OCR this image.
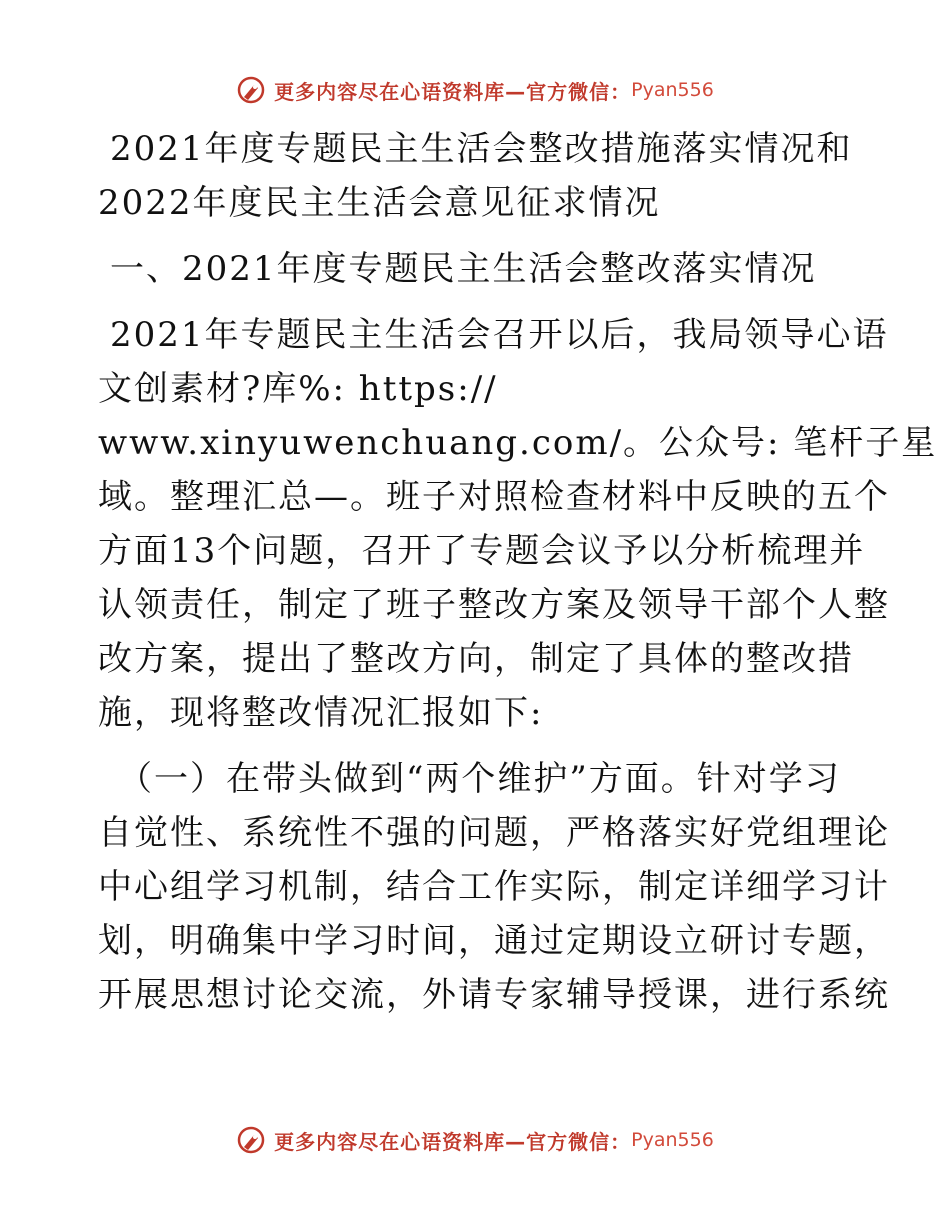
更多内容尽在心语资料库—官方微信： Pyan556
2021年度专题民主生活会整改措施落实情况和
2022年度民主生活会意见征求情况
一、2021年度专题民主生活会整改落实情况
2021年专题民主生活会召开以后，我局领导心语
文创素材?库%: https://
www.xinyuwenchuang.com/。公众号: 笔杆子星
域。整理汇总—。班子对照检查材料中反映的五个
方面13个问题，召开了专题会议予以分析梳理并
认领责任，制定了班子整改方案及领导干部个人整
改方案，提出了整改方向，制定了具体的整改措
施，现将整改情况汇报如下:
（一）在带头做到“两个维护”方面。针对学习
自觉性、系统性不强的问题，严格落实好党组理论
中心组学习机制，结合工作实际，制定详细学习计
划，明确集中学习时间，通过定期设立研讨专题，
开展思想讨论交流，外请专家辅导授课，进行系统
更多内容尽在心语资料库—官方微信： Pyan556
